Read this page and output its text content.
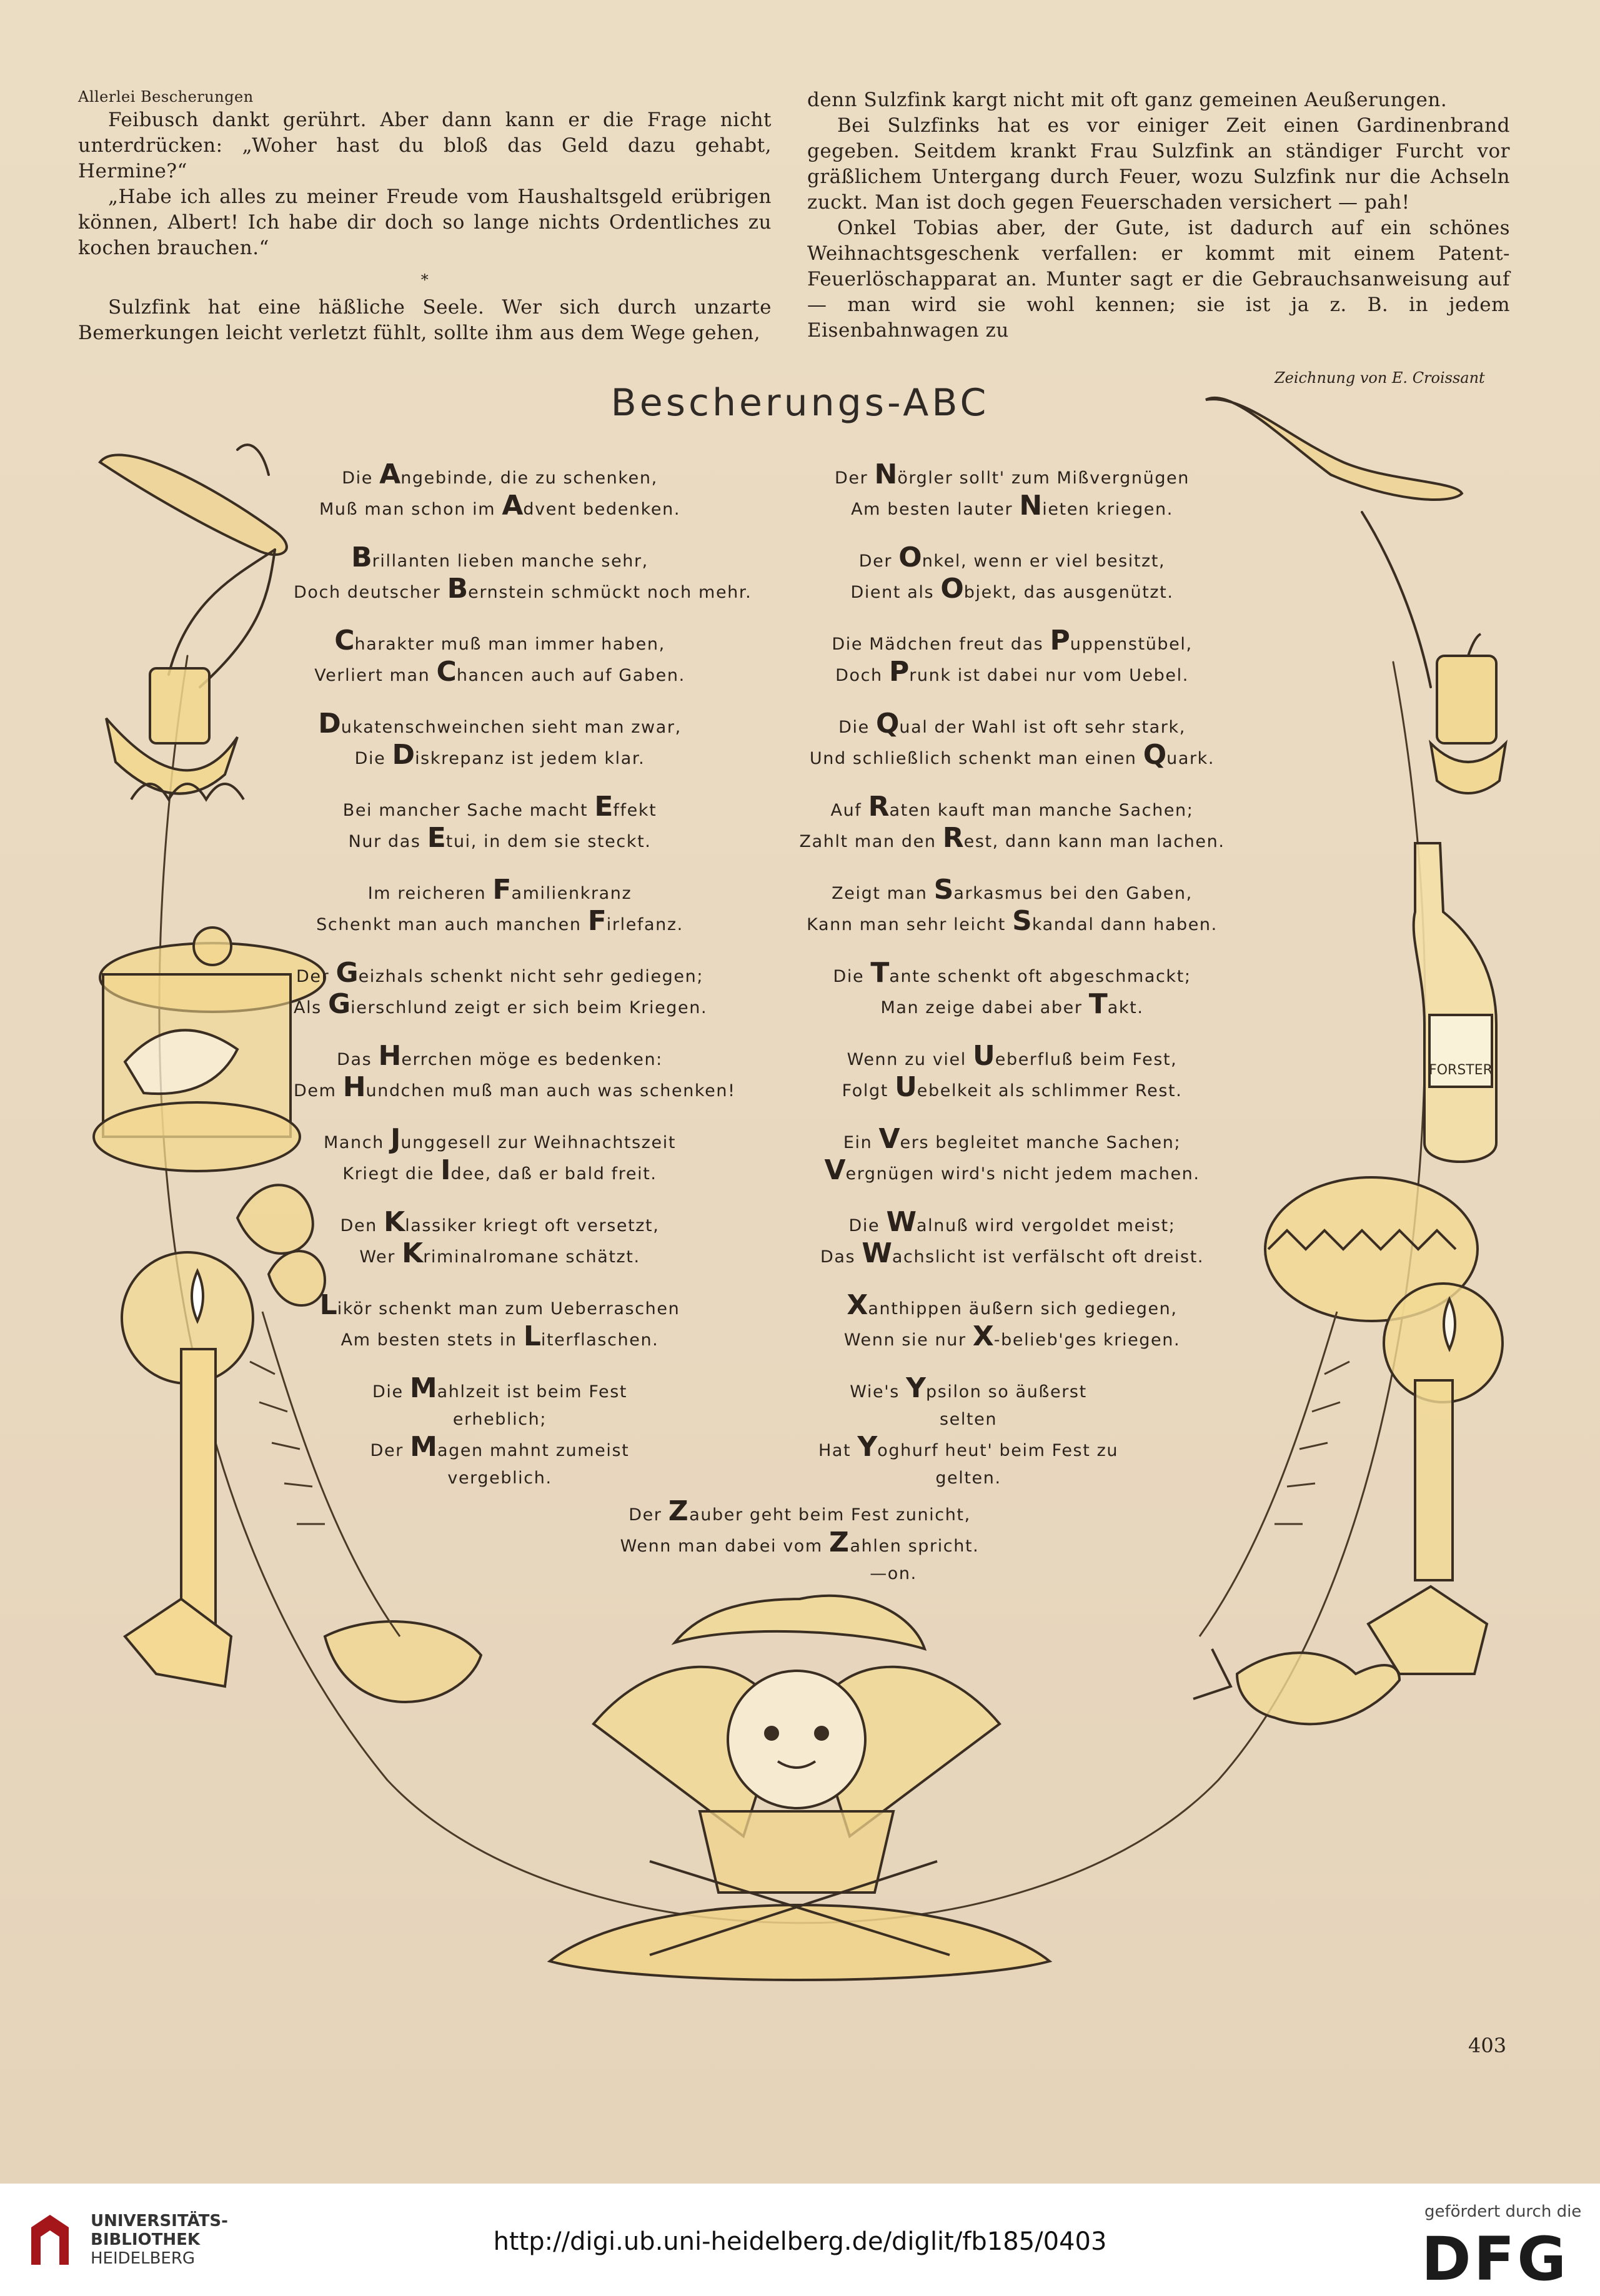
FORSTER
Allerlei Bescherungen

Feibusch dankt gerührt. Aber dann kann er die Frage nicht unterdrücken: „Woher hast du bloß das Geld dazu gehabt, Hermine?“

„Habe ich alles zu meiner Freude vom Haushaltsgeld erübrigen können, Albert! Ich habe dir doch so lange nichts Ordentliches zu kochen brauchen.“

*

Sulzfink hat eine häßliche Seele. Wer sich durch unzarte Bemerkungen leicht verletzt fühlt, sollte ihm aus dem Wege gehen,

denn Sulzfink kargt nicht mit oft ganz gemeinen Aeußerungen.

Bei Sulzfinks hat es vor einiger Zeit einen Gardinenbrand gegeben. Seitdem krankt Frau Sulzfink an ständiger Furcht vor gräßlichem Untergang durch Feuer, wozu Sulzfink nur die Achseln zuckt. Man ist doch gegen Feuerschaden versichert — pah!

Onkel Tobias aber, der Gute, ist dadurch auf ein schönes Weihnachtsgeschenk verfallen: er kommt mit einem Patent-Feuerlöschapparat an. Munter sagt er die Gebrauchsanweisung auf — man wird sie wohl kennen; sie ist ja z. B. in jedem Eisenbahnwagen zu

Zeichnung von E. Croissant
Bescherungs-ABC
Die Angebinde, die zu schenken,
Muß man schon im Advent bedenken.
Brillanten lieben manche sehr,
Doch deutscher Bernstein schmückt noch mehr.
Charakter muß man immer haben,
Verliert man Chancen auch auf Gaben.
Dukatenschweinchen sieht man zwar,
Die Diskrepanz ist jedem klar.
Bei mancher Sache macht Effekt
Nur das Etui, in dem sie steckt.
Im reicheren Familienkranz
Schenkt man auch manchen Firlefanz.
Der Geizhals schenkt nicht sehr gediegen;
Als Gierschlund zeigt er sich beim Kriegen.
Das Herrchen möge es bedenken:
Dem Hundchen muß man auch was schenken!
Manch Junggesell zur Weihnachtszeit
Kriegt die Idee, daß er bald freit.
Den Klassiker kriegt oft versetzt,
Wer Kriminalromane schätzt.
Likör schenkt man zum Ueberraschen
Am besten stets in Literflaschen.
Die Mahlzeit ist beim Fest
erheblich;
Der Magen mahnt zumeist
vergeblich.
Der Nörgler sollt' zum Mißvergnügen
Am besten lauter Nieten kriegen.
Der Onkel, wenn er viel besitzt,
Dient als Objekt, das ausgenützt.
Die Mädchen freut das Puppenstübel,
Doch Prunk ist dabei nur vom Uebel.
Die Qual der Wahl ist oft sehr stark,
Und schließlich schenkt man einen Quark.
Auf Raten kauft man manche Sachen;
Zahlt man den Rest, dann kann man lachen.
Zeigt man Sarkasmus bei den Gaben,
Kann man sehr leicht Skandal dann haben.
Die Tante schenkt oft abgeschmackt;
Man zeige dabei aber Takt.
Wenn zu viel Ueberfluß beim Fest,
Folgt Uebelkeit als schlimmer Rest.
Ein Vers begleitet manche Sachen;
Vergnügen wird's nicht jedem machen.
Die Walnuß wird vergoldet meist;
Das Wachslicht ist verfälscht oft dreist.
Xanthippen äußern sich gediegen,
Wenn sie nur X-belieb'ges kriegen.
Wie's Ypsilon so äußerst
selten
Hat Yoghurf heut' beim Fest zu
gelten.
Der Zauber geht beim Fest zunicht,
Wenn man dabei vom Zahlen spricht.
—on.
403
UNIVERSITÄTS-
BIBLIOTHEK
HEIDELBERG
http://digi.ub.uni-heidelberg.de/diglit/fb185/0403
gefördert durch die
DFG
